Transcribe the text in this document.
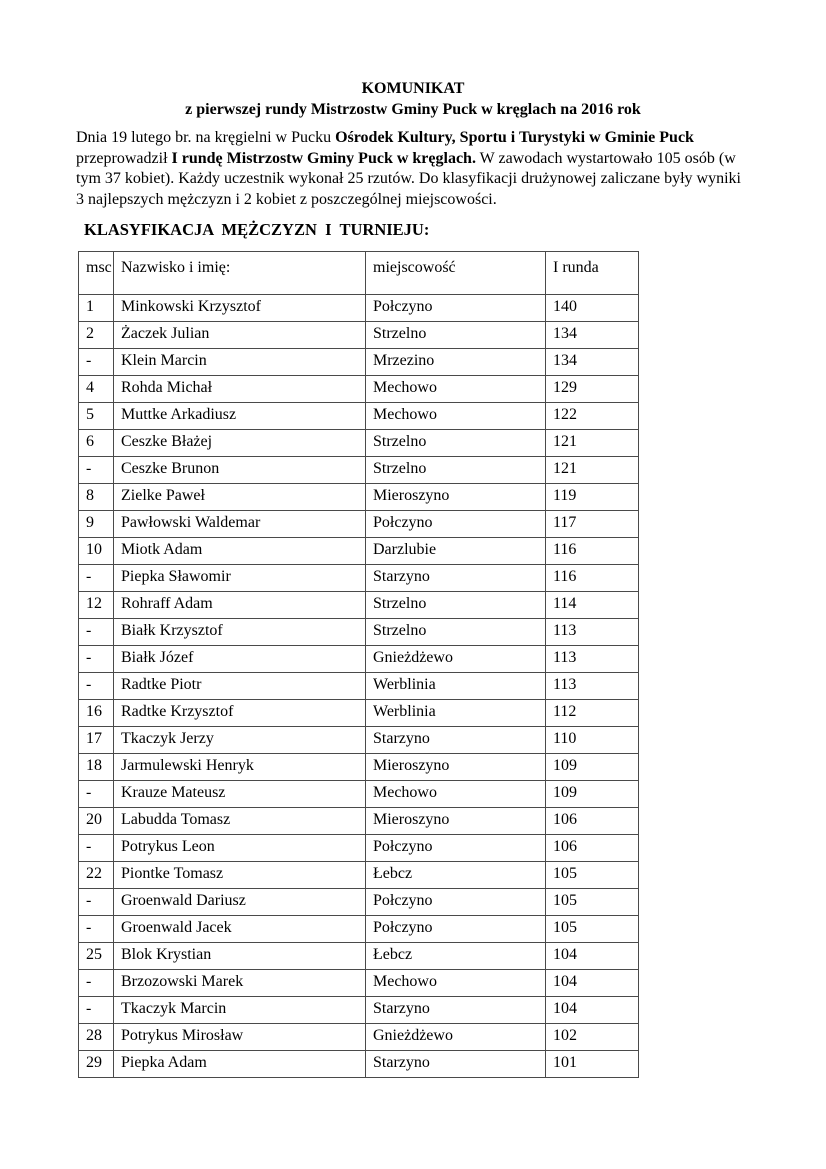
KOMUNIKAT
z pierwszej rundy Mistrzostw Gminy Puck w kręglach na 2016 rok

Dnia 19 lutego br. na kręgielni w Pucku Ośrodek Kultury, Sportu i Turystyki w Gminie Puck przeprowadził I rundę Mistrzostw Gminy Puck w kręglach. W zawodach wystartowało 105 osób (w tym 37 kobiet). Każdy uczestnik wykonał 25 rzutów. Do klasyfikacji drużynowej zaliczane były wyniki 3 najlepszych mężczyzn i 2 kobiet z poszczególnej miejscowości.

KLASYFIKACJA  MĘŻCZYZN  I  TURNIEJU:
msc	Nazwisko i imię:	miejscowość	I runda
1	Minkowski Krzysztof	Połczyno	140
2	Żaczek Julian	Strzelno	134
-	Klein Marcin	Mrzezino	134
4	Rohda Michał	Mechowo	129
5	Muttke Arkadiusz	Mechowo	122
6	Ceszke Błażej	Strzelno	121
-	Ceszke Brunon	Strzelno	121
8	Zielke Paweł	Mieroszyno	119
9	Pawłowski Waldemar	Połczyno	117
10	Miotk Adam	Darzlubie	116
-	Piepka Sławomir	Starzyno	116
12	Rohraff Adam	Strzelno	114
-	Białk Krzysztof	Strzelno	113
-	Białk Józef	Gnieżdżewo	113
-	Radtke Piotr	Werblinia	113
16	Radtke Krzysztof	Werblinia	112
17	Tkaczyk Jerzy	Starzyno	110
18	Jarmulewski Henryk	Mieroszyno	109
-	Krauze Mateusz	Mechowo	109
20	Labudda Tomasz	Mieroszyno	106
-	Potrykus Leon	Połczyno	106
22	Piontke Tomasz	Łebcz	105
-	Groenwald Dariusz	Połczyno	105
-	Groenwald Jacek	Połczyno	105
25	Blok Krystian	Łebcz	104
-	Brzozowski Marek	Mechowo	104
-	Tkaczyk Marcin	Starzyno	104
28	Potrykus Mirosław	Gnieżdżewo	102
29	Piepka Adam	Starzyno	101
